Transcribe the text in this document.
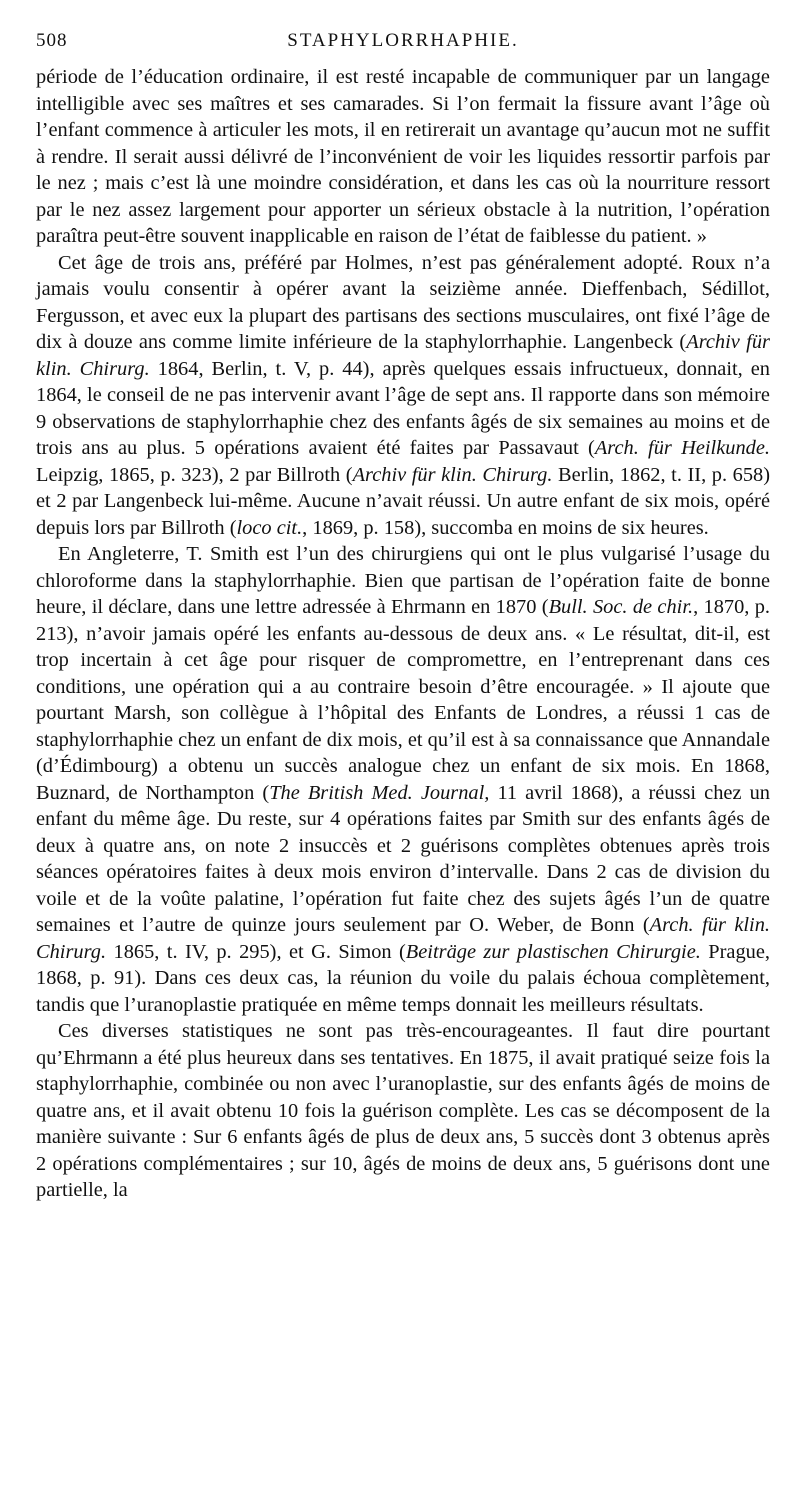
508	STAPHYLORRHAPHIE.

période de l’éducation ordinaire, il est resté incapable de communiquer par un langage intelligible avec ses maîtres et ses camarades. Si l’on fermait la fissure avant l’âge où l’enfant commence à articuler les mots, il en retirerait un avantage qu’aucun mot ne suffit à rendre. Il serait aussi délivré de l’inconvénient de voir les liquides ressortir parfois par le nez ; mais c’est là une moindre considération, et dans les cas où la nourriture ressort par le nez assez largement pour apporter un sérieux obstacle à la nutrition, l’opération paraîtra peut-être souvent inapplicable en raison de l’état de faiblesse du patient. »

Cet âge de trois ans, préféré par Holmes, n’est pas généralement adopté. Roux n’a jamais voulu consentir à opérer avant la seizième année. Dieffenbach, Sédillot, Fergusson, et avec eux la plupart des partisans des sections musculaires, ont fixé l’âge de dix à douze ans comme limite inférieure de la staphylorrhaphie. Langenbeck (Archiv für klin. Chirurg. 1864, Berlin, t. V, p. 44), après quelques essais infructueux, donnait, en 1864, le conseil de ne pas intervenir avant l’âge de sept ans. Il rapporte dans son mémoire 9 observations de staphylorrhaphie chez des enfants âgés de six semaines au moins et de trois ans au plus. 5 opérations avaient été faites par Passavaut (Arch. für Heilkunde. Leipzig, 1865, p. 323), 2 par Billroth (Archiv für klin. Chirurg. Berlin, 1862, t. II, p. 658) et 2 par Langenbeck lui-même. Aucune n’avait réussi. Un autre enfant de six mois, opéré depuis lors par Billroth (loco cit., 1869, p. 158), succomba en moins de six heures.

En Angleterre, T. Smith est l’un des chirurgiens qui ont le plus vulgarisé l’usage du chloroforme dans la staphylorrhaphie. Bien que partisan de l’opération faite de bonne heure, il déclare, dans une lettre adressée à Ehrmann en 1870 (Bull. Soc. de chir., 1870, p. 213), n’avoir jamais opéré les enfants au-dessous de deux ans. « Le résultat, dit-il, est trop incertain à cet âge pour risquer de compromettre, en l’entreprenant dans ces conditions, une opération qui a au contraire besoin d’être encouragée. » Il ajoute que pourtant Marsh, son collègue à l’hôpital des Enfants de Londres, a réussi 1 cas de staphylorrhaphie chez un enfant de dix mois, et qu’il est à sa connaissance que Annandale (d’Édimbourg) a obtenu un succès analogue chez un enfant de six mois. En 1868, Buznard, de Northampton (The British Med. Journal, 11 avril 1868), a réussi chez un enfant du même âge. Du reste, sur 4 opérations faites par Smith sur des enfants âgés de deux à quatre ans, on note 2 insuccès et 2 guérisons complètes obtenues après trois séances opératoires faites à deux mois environ d’intervalle. Dans 2 cas de division du voile et de la voûte palatine, l’opération fut faite chez des sujets âgés l’un de quatre semaines et l’autre de quinze jours seulement par O. Weber, de Bonn (Arch. für klin. Chirurg. 1865, t. IV, p. 295), et G. Simon (Beiträge zur plastischen Chirurgie. Prague, 1868, p. 91). Dans ces deux cas, la réunion du voile du palais échoua complètement, tandis que l’uranoplastie pratiquée en même temps donnait les meilleurs résultats.

Ces diverses statistiques ne sont pas très-encourageantes. Il faut dire pourtant qu’Ehrmann a été plus heureux dans ses tentatives. En 1875, il avait pratiqué seize fois la staphylorrhaphie, combinée ou non avec l’uranoplastie, sur des enfants âgés de moins de quatre ans, et il avait obtenu 10 fois la guérison complète. Les cas se décomposent de la manière suivante : Sur 6 enfants âgés de plus de deux ans, 5 succès dont 3 obtenus après 2 opérations complémentaires ; sur 10, âgés de moins de deux ans, 5 guérisons dont une partielle, la
